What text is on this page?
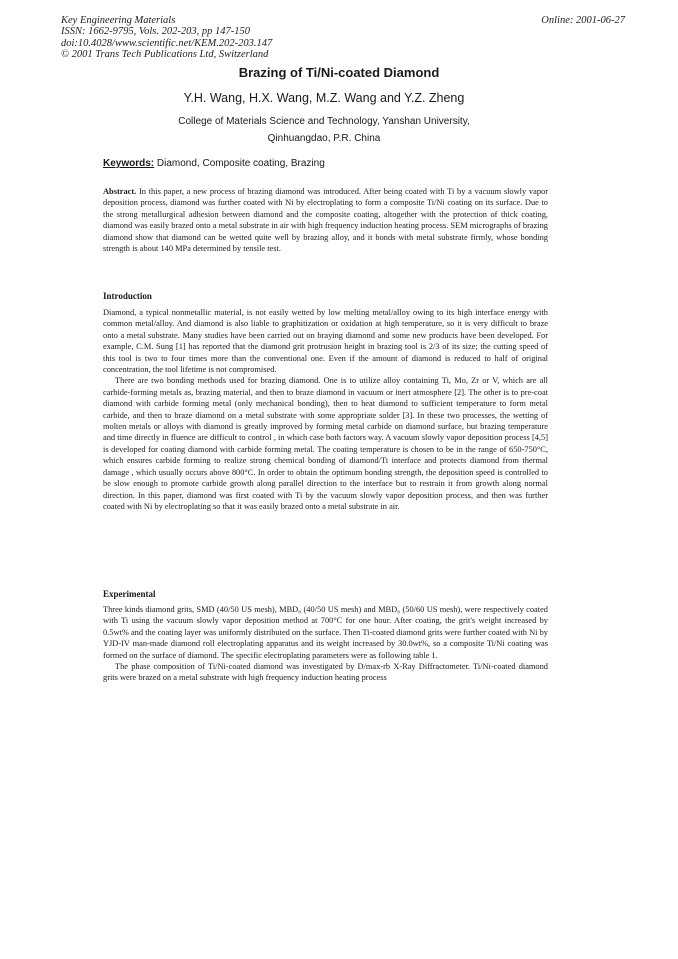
Key Engineering Materials
ISSN: 1662-9795, Vols. 202-203, pp 147-150
doi:10.4028/www.scientific.net/KEM.202-203.147
© 2001 Trans Tech Publications Ltd, Switzerland
Online: 2001-06-27
Brazing of Ti/Ni-coated Diamond
Y.H. Wang, H.X. Wang, M.Z. Wang and Y.Z. Zheng
College of Materials Science and Technology, Yanshan University,
Qinhuangdao, P.R. China
Keywords: Diamond, Composite coating, Brazing

Abstract. In this paper, a new process of brazing diamond was introduced. After being coated with Ti by a vacuum slowly vapor deposition process, diamond was further coated with Ni by electroplating to form a composite Ti/Ni coating on its surface. Due to the strong metallurgical adhesion between diamond and the composite coating, altogether with the protection of thick coating, diamond was easily brazed onto a metal substrate in air with high frequency induction heating process. SEM micrographs of brazing diamond show that diamond can be wetted quite well by brazing alloy, and it bonds with metal substrate firmly, whose bonding strength is about 140 MPa determined by tensile test.

Introduction

Diamond, a typical nonmetallic material, is not easily wetted by low melting metal/alloy owing to its high interface energy with common metal/alloy. And diamond is also liable to graphitization or oxidation at high temperature, so it is very difficult to braze onto a metal substrate. Many studies have been carried out on braying diamond and some new products have been developed. For example, C.M. Sung [1] has reported that the diamond grit protrusion height in brazing tool is 2/3 of its size; the cutting speed of this tool is two to four times more than the conventional one. Even if the amount of diamond is reduced to half of original concentration, the tool lifetime is not compromised.

There are two bonding methods used for brazing diamond. One is to utilize alloy containing Ti, Mo, Zr or V, which are all carbide-forming metals as, brazing material, and then to braze diamond in vacuum or inert atmosphere [2]. The other is to pre-coat diamond with carbide forming metal (only mechanical bonding), then to heat diamond to sufficient temperature to form metal carbide, and then to braze diamond on a metal substrate with some appropriate solder [3]. In these two processes, the wetting of molten metals or alloys with diamond is greatly improved by forming metal carbide on diamond surface, but brazing temperature and time directly in fluence are difficult to control , in which case both factors way. A vacuum slowly vapor deposition process [4,5] is developed for coating diamond with carbide forming metal. The coating temperature is chosen to be in the range of 650-750°C, which ensures carbide forming to realize strong chemical bonding of diamond/Ti interface and protects diamond from thermal damage , which usually occurs above 800°C. In order to obtain the optimum bonding strength, the deposition speed is controlled to be slow enough to promote carbide growth along parallel direction to the interface but to restrain it from growth along normal direction. In this paper, diamond was first coated with Ti by the vacuum slowly vapor deposition process, and then was further coated with Ni by electroplating so that it was easily brazed onto a metal substrate in air.

Experimental

Three kinds diamond grits, SMD (40/50 US mesh), MBD₈ (40/50 US mesh) and MBD₈ (50/60 US mesh), were respectively coated with Ti using the vacuum slowly vapor deposition method at 700°C for one hour. After coating, the grit's weight increased by 0.5wt% and the coating layer was uniformly distributed on the surface. Then Ti-coated diamond grits were further coated with Ni by YJD-IV man-made diamond roll electroplating apparatus and its weight increased by 30.0wt%, so a composite Ti/Ni coating was formed on the surface of diamond. The specific electroplating parameters were as following table 1.

The phase composition of Ti/Ni-coated diamond was investigated by D/max-rb X-Ray Diffractometer. Ti/Ni-coated diamond grits were brazed on a metal substrate with high frequency induction heating process
